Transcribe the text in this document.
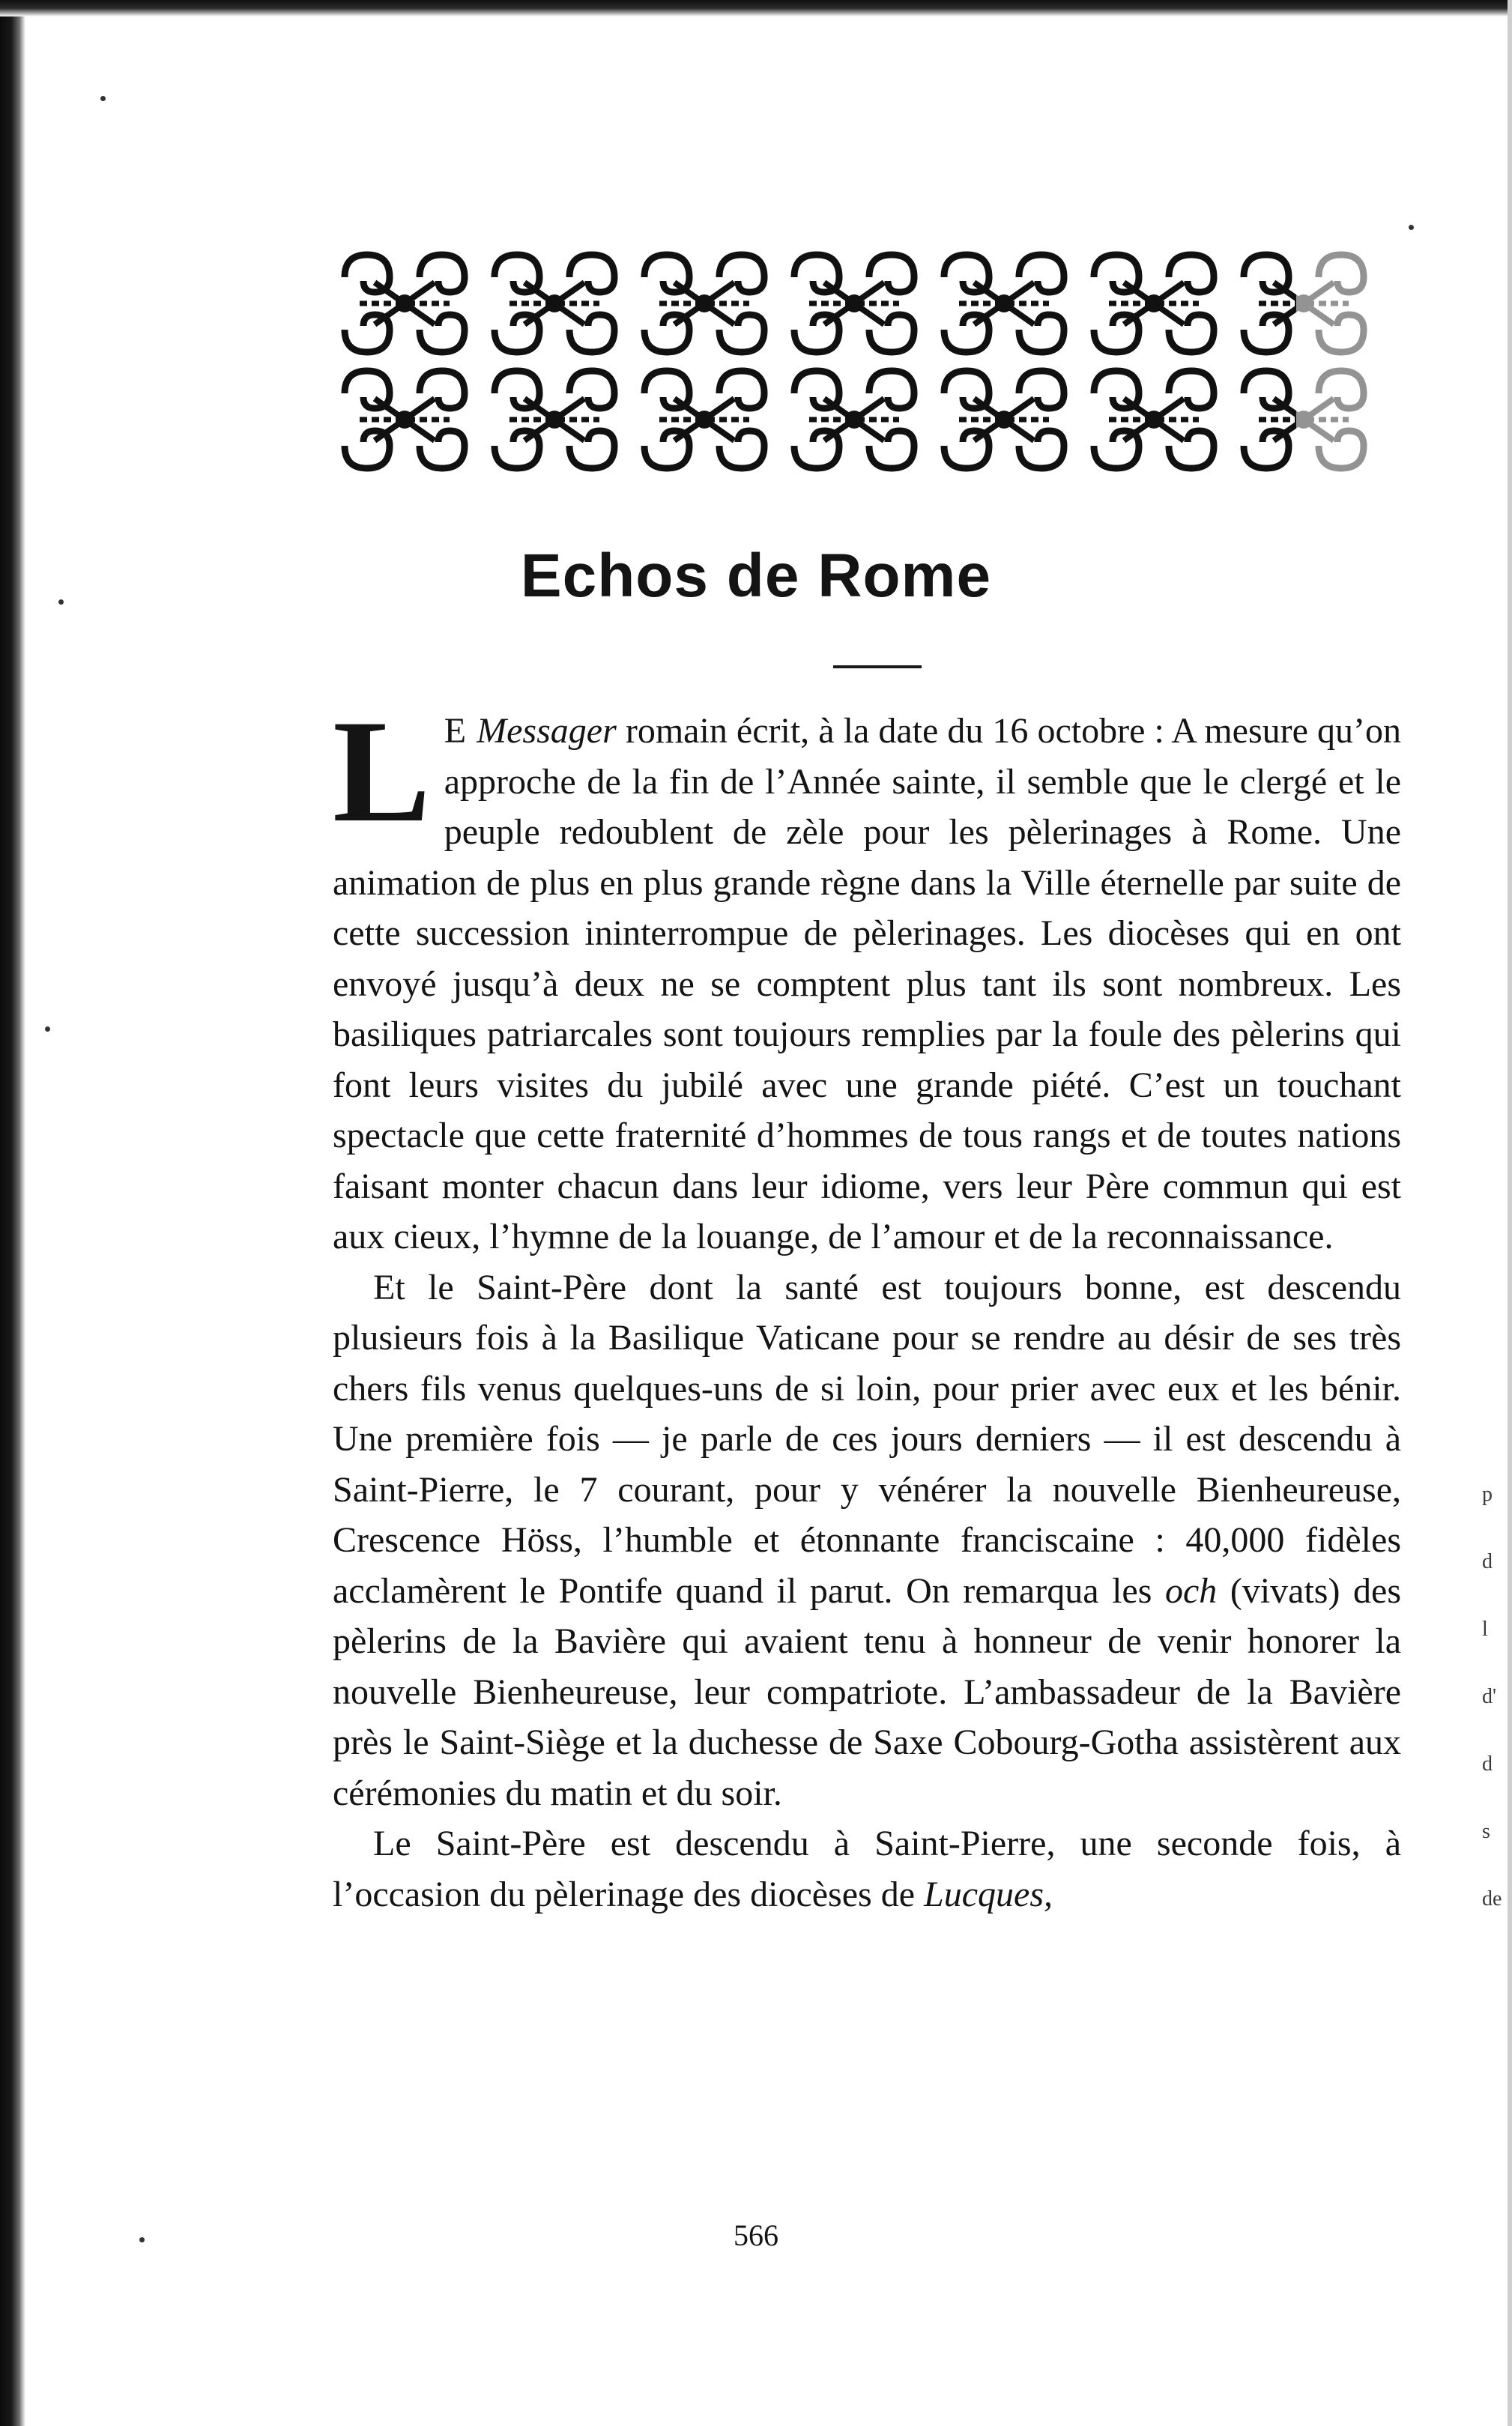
Echos de Rome

L E Messager romain écrit, à la date du 16 octobre : A mesure qu’on approche de la fin de l’Année sainte, il semble que le clergé et le peuple redoublent de zèle pour les pèlerinages à Rome. Une animation de plus en plus grande règne dans la Ville éternelle par suite de cette succession ininterrompue de pèlerinages. Les diocèses qui en ont envoyé jusqu’à deux ne se comptent plus tant ils sont nombreux. Les basiliques patriarcales sont toujours remplies par la foule des pèlerins qui font leurs visites du jubilé avec une grande piété. C’est un touchant spectacle que cette fraternité d’hommes de tous rangs et de toutes nations faisant monter chacun dans leur idiome, vers leur Père commun qui est aux cieux, l’hymne de la louange, de l’amour et de la reconnaissance.

Et le Saint-Père dont la santé est toujours bonne, est descendu plusieurs fois à la Basilique Vaticane pour se rendre au désir de ses très chers fils venus quelques-uns de si loin, pour prier avec eux et les bénir. Une première fois — je parle de ces jours derniers — il est descendu à Saint-Pierre, le 7 courant, pour y vénérer la nouvelle Bienheureuse, Crescence Höss, l’humble et étonnante franciscaine : 40,000 fidèles acclamèrent le Pontife quand il parut. On remarqua les och (vivats) des pèlerins de la Bavière qui avaient tenu à honneur de venir honorer la nouvelle Bienheureuse, leur compatriote. L’ambassadeur de la Bavière près le Saint-Siège et la duchesse de Saxe Cobourg-Gotha assistèrent aux cérémonies du matin et du soir.

Le Saint-Père est descendu à Saint-Pierre, une seconde fois, à l’occasion du pèlerinage des diocèses de Lucques,

566
p
d
l
d'
d
s
de
